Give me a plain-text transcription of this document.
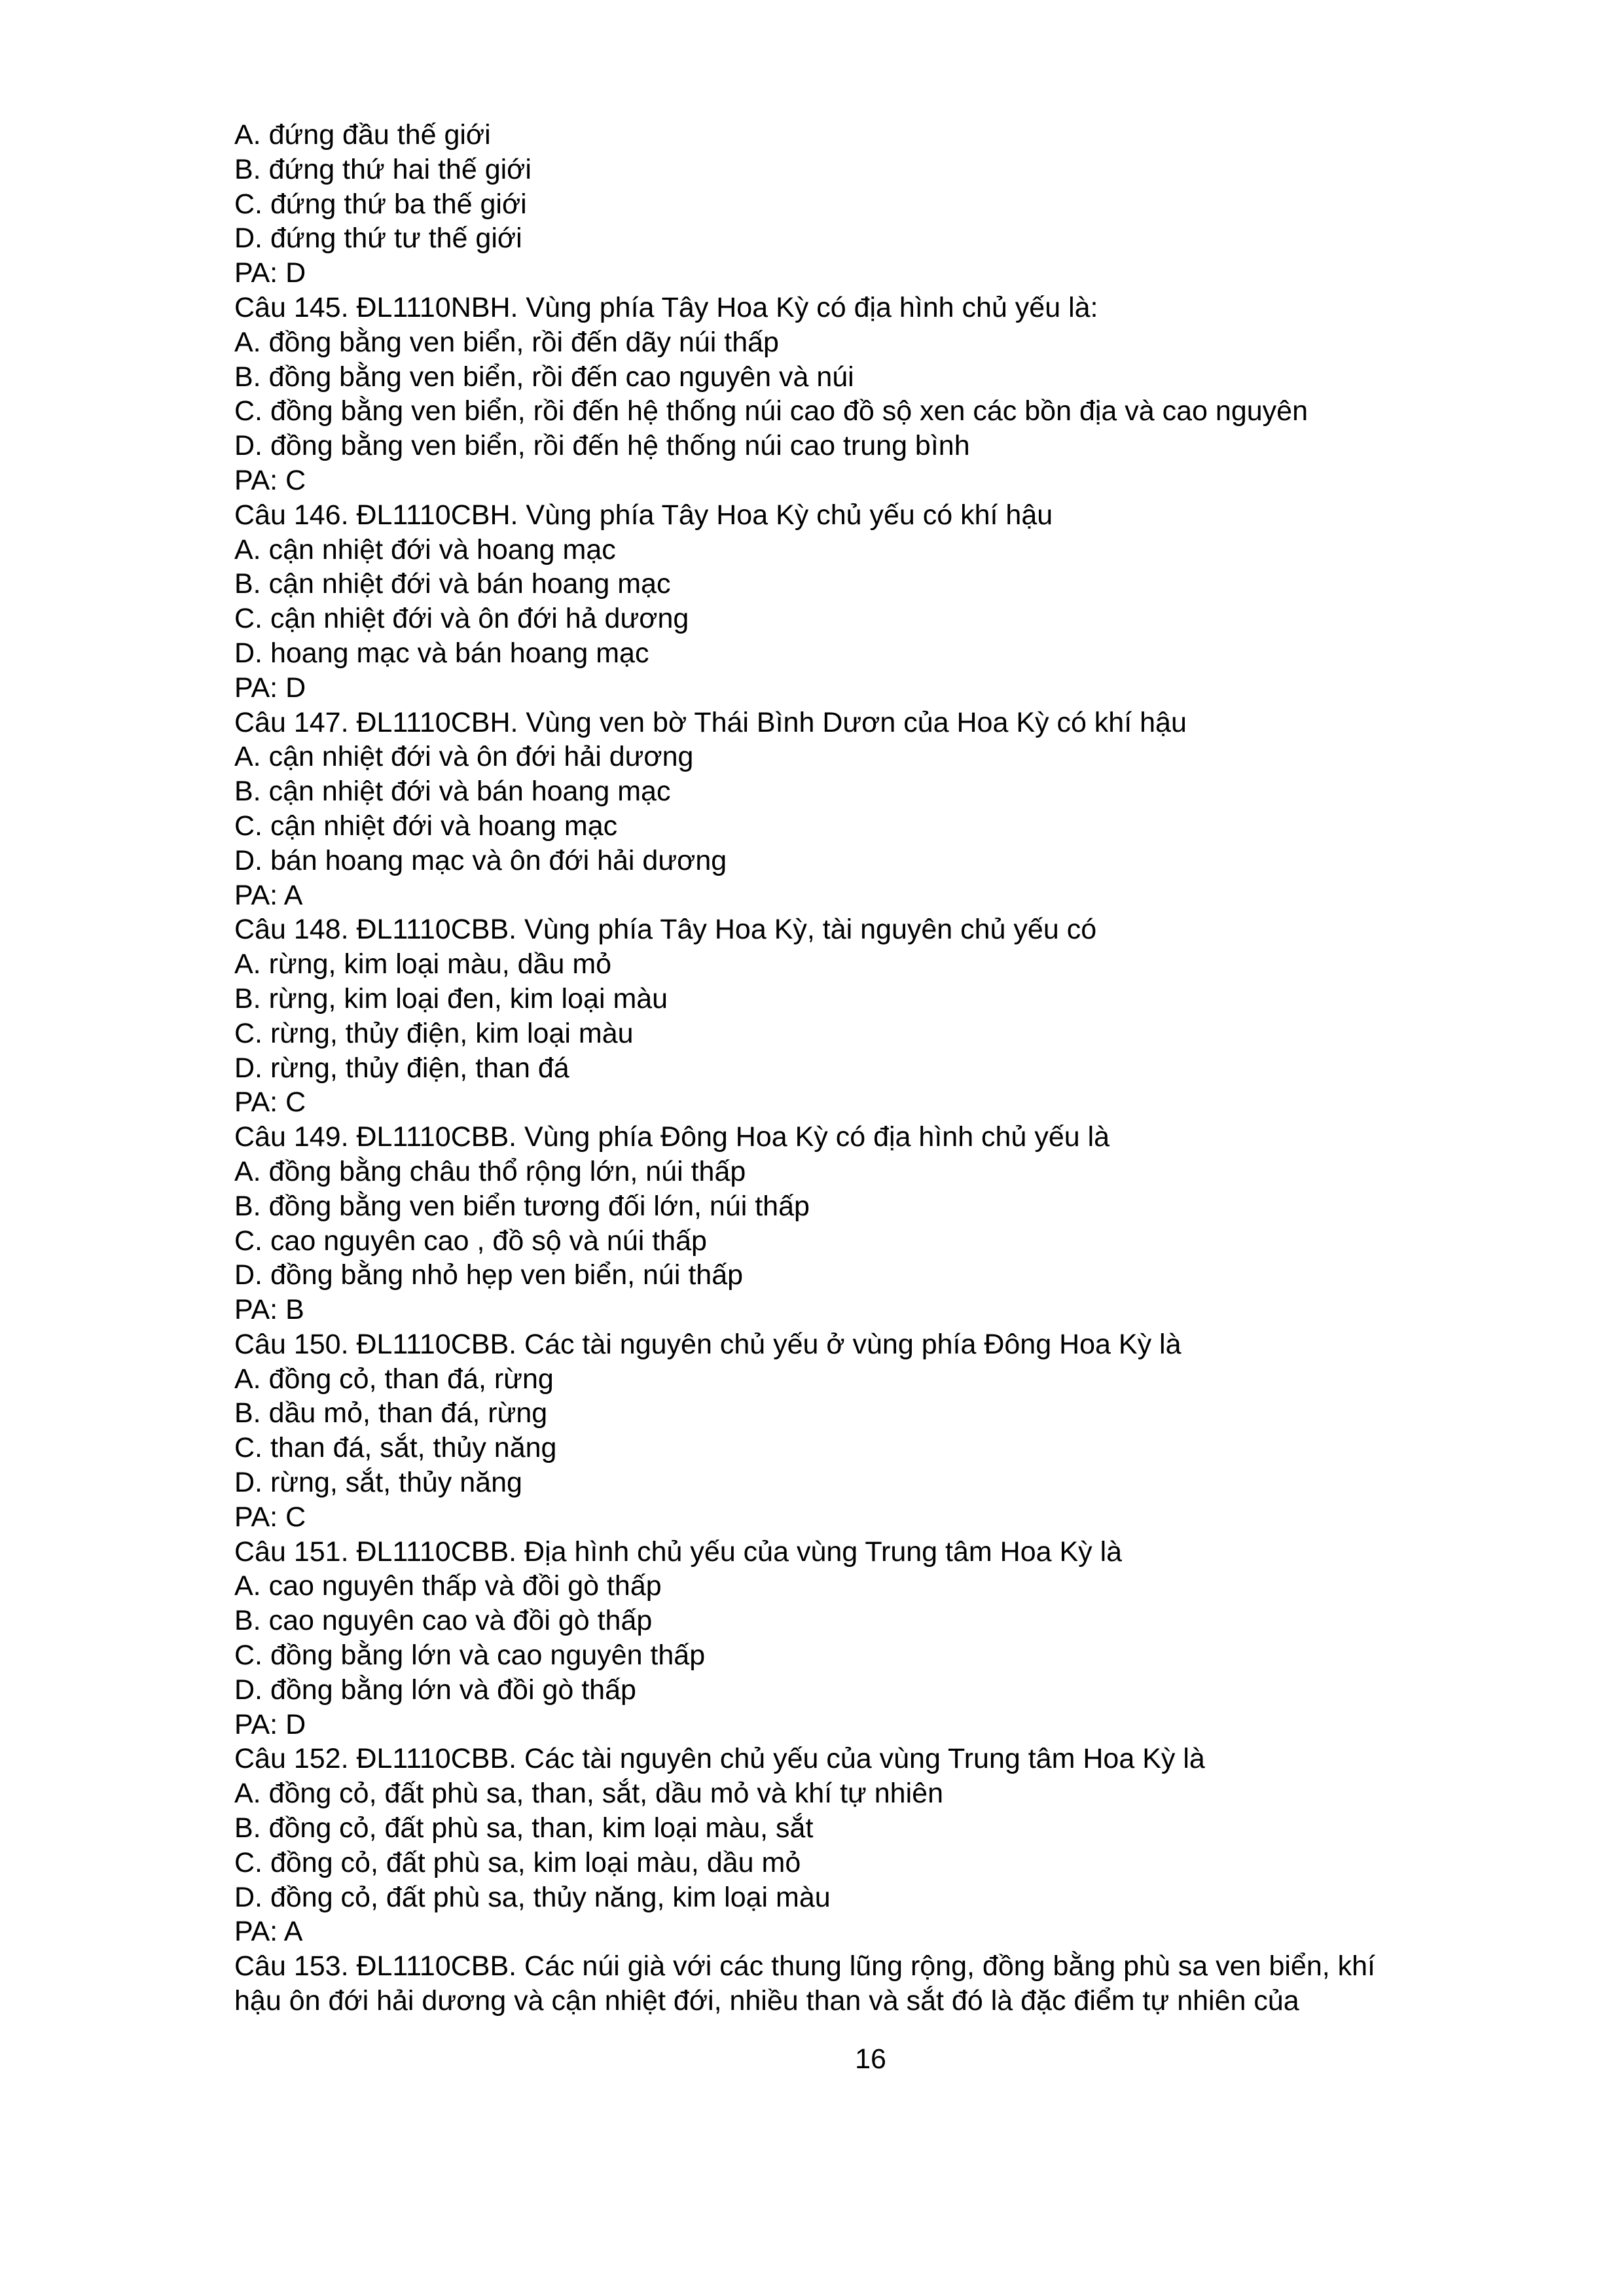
A. đứng đầu thế giới

B. đứng thứ hai thế giới

C. đứng thứ ba thế giới

D. đứng thứ tư thế giới

PA: D

Câu 145. ĐL1110NBH. Vùng phía Tây Hoa Kỳ có địa hình chủ yếu là:

A. đồng bằng ven biển, rồi đến dãy núi thấp

B. đồng bằng ven biển, rồi đến cao nguyên và núi

C. đồng bằng ven biển, rồi đến hệ thống núi cao đồ sộ xen các bồn địa và cao nguyên

D. đồng bằng ven biển, rồi đến hệ thống núi cao trung bình

PA: C

Câu 146. ĐL1110CBH. Vùng phía Tây Hoa Kỳ chủ yếu có khí hậu

A. cận nhiệt đới và hoang mạc

B. cận nhiệt đới và bán hoang mạc

C. cận nhiệt đới và ôn đới hả dương

D. hoang mạc và bán hoang mạc

PA: D

Câu 147. ĐL1110CBH. Vùng ven bờ Thái Bình Dươn của Hoa Kỳ có khí hậu

A. cận nhiệt đới và ôn đới hải dương

B. cận nhiệt đới và bán hoang mạc

C. cận nhiệt đới và hoang mạc

D. bán hoang mạc và ôn đới hải dương

PA: A

Câu 148. ĐL1110CBB. Vùng phía Tây Hoa Kỳ, tài nguyên chủ yếu có

A. rừng, kim loại màu, dầu mỏ

B. rừng, kim loại đen, kim loại màu

C. rừng, thủy điện, kim loại màu

D. rừng, thủy điện, than đá

PA: C

Câu 149. ĐL1110CBB. Vùng phía Đông Hoa Kỳ có địa hình chủ yếu là

A. đồng bằng châu thổ rộng lớn, núi thấp

B. đồng bằng ven biển tương đối lớn, núi thấp

C. cao nguyên cao , đồ sộ và núi thấp

D. đồng bằng nhỏ hẹp ven biển, núi thấp

PA: B

Câu 150. ĐL1110CBB. Các tài nguyên chủ yếu ở vùng phía Đông Hoa Kỳ là

A. đồng cỏ, than đá, rừng

B. dầu mỏ, than đá, rừng

C. than đá, sắt, thủy năng

D. rừng, sắt, thủy năng

PA: C

Câu 151. ĐL1110CBB. Địa hình chủ yếu của vùng Trung tâm Hoa Kỳ là

A. cao nguyên thấp và đồi gò thấp

B. cao nguyên cao và đồi gò thấp

C. đồng bằng lớn và cao nguyên thấp

D. đồng bằng lớn và đồi gò thấp

PA: D

Câu 152. ĐL1110CBB. Các tài nguyên chủ yếu của vùng Trung tâm Hoa Kỳ là

A. đồng cỏ, đất phù sa, than, sắt, dầu mỏ và khí tự nhiên

B. đồng cỏ, đất phù sa, than, kim loại màu, sắt

C. đồng cỏ, đất phù sa, kim loại màu, dầu mỏ

D. đồng cỏ, đất phù sa, thủy năng, kim loại màu

PA: A

Câu 153. ĐL1110CBB. Các núi già với các thung lũng rộng, đồng bằng phù sa ven biển, khí

hậu ôn đới hải dương và cận nhiệt đới, nhiều than và sắt đó là đặc điểm tự nhiên của

16
